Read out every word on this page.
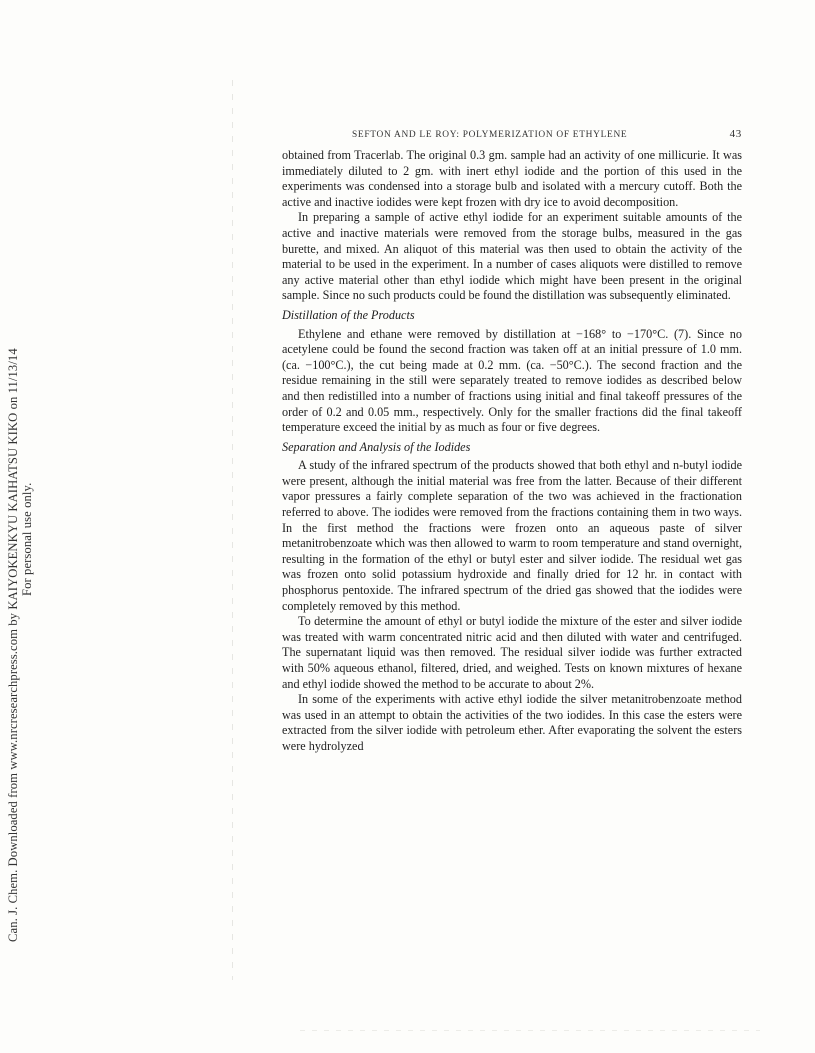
Can. J. Chem. Downloaded from www.nrcresearchpress.com by KAIYOKENKYU KAIHATSU KIKO on 11/13/14 For personal use only.
SEFTON AND LE ROY: POLYMERIZATION OF ETHYLENE	43

obtained from Tracerlab. The original 0.3 gm. sample had an activity of one millicurie. It was immediately diluted to 2 gm. with inert ethyl iodide and the portion of this used in the experiments was condensed into a storage bulb and isolated with a mercury cutoff. Both the active and inactive iodides were kept frozen with dry ice to avoid decomposition.

In preparing a sample of active ethyl iodide for an experiment suitable amounts of the active and inactive materials were removed from the storage bulbs, measured in the gas burette, and mixed. An aliquot of this material was then used to obtain the activity of the material to be used in the experiment. In a number of cases aliquots were distilled to remove any active material other than ethyl iodide which might have been present in the original sample. Since no such products could be found the distillation was subsequently eliminated.

Distillation of the Products

Ethylene and ethane were removed by distillation at −168° to −170°C. (7). Since no acetylene could be found the second fraction was taken off at an initial pressure of 1.0 mm. (ca. −100°C.), the cut being made at 0.2 mm. (ca. −50°C.). The second fraction and the residue remaining in the still were separately treated to remove iodides as described below and then redistilled into a number of fractions using initial and final takeoff pressures of the order of 0.2 and 0.05 mm., respectively. Only for the smaller fractions did the final takeoff temperature exceed the initial by as much as four or five degrees.

Separation and Analysis of the Iodides

A study of the infrared spectrum of the products showed that both ethyl and n-butyl iodide were present, although the initial material was free from the latter. Because of their different vapor pressures a fairly complete separation of the two was achieved in the fractionation referred to above. The iodides were removed from the fractions containing them in two ways. In the first method the fractions were frozen onto an aqueous paste of silver metanitrobenzoate which was then allowed to warm to room temperature and stand overnight, resulting in the formation of the ethyl or butyl ester and silver iodide. The residual wet gas was frozen onto solid potassium hydroxide and finally dried for 12 hr. in contact with phosphorus pentoxide. The infrared spectrum of the dried gas showed that the iodides were completely removed by this method.

To determine the amount of ethyl or butyl iodide the mixture of the ester and silver iodide was treated with warm concentrated nitric acid and then diluted with water and centrifuged. The supernatant liquid was then removed. The residual silver iodide was further extracted with 50% aqueous ethanol, filtered, dried, and weighed. Tests on known mixtures of hexane and ethyl iodide showed the method to be accurate to about 2%.

In some of the experiments with active ethyl iodide the silver metanitrobenzoate method was used in an attempt to obtain the activities of the two iodides. In this case the esters were extracted from the silver iodide with petroleum ether. After evaporating the solvent the esters were hydrolyzed
